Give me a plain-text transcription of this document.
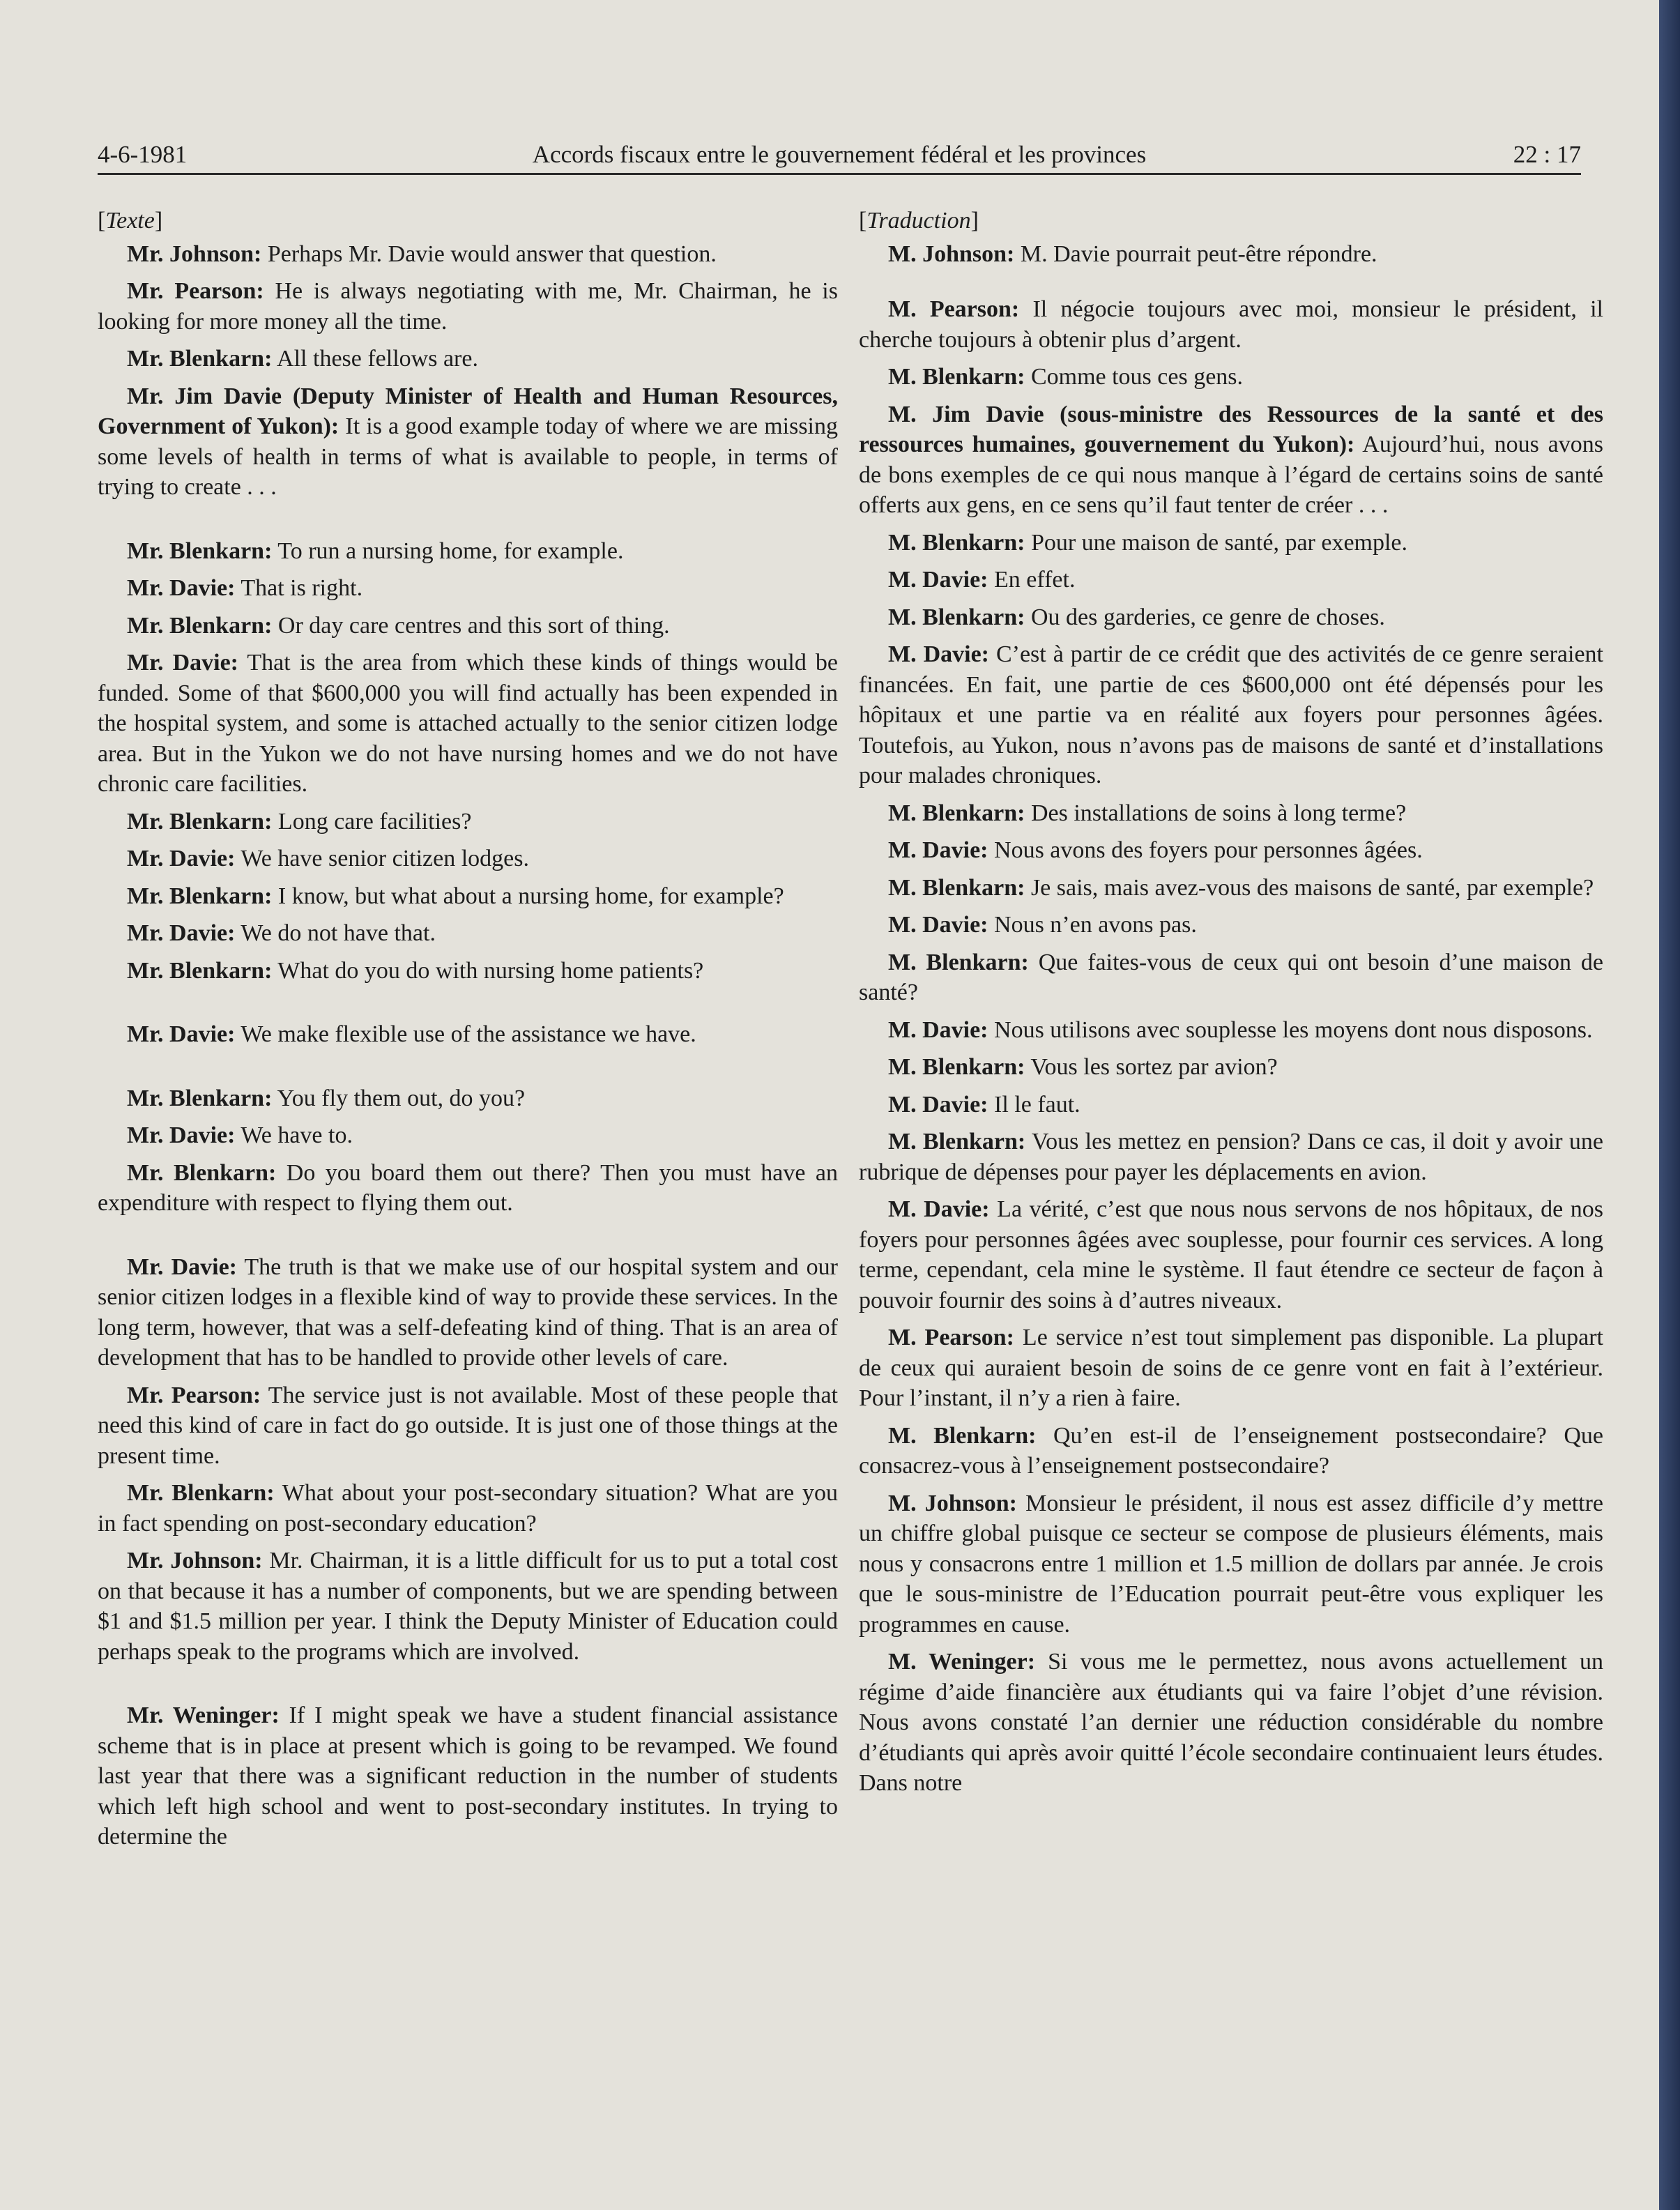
4-6-1981	Accords fiscaux entre le gouvernement fédéral et les provinces	22 : 17

[Texte]

Mr. Johnson: Perhaps Mr. Davie would answer that question.

Mr. Pearson: He is always negotiating with me, Mr. Chairman, he is looking for more money all the time.

Mr. Blenkarn: All these fellows are.

Mr. Jim Davie (Deputy Minister of Health and Human Resources, Government of Yukon): It is a good example today of where we are missing some levels of health in terms of what is available to people, in terms of trying to create . . .

Mr. Blenkarn: To run a nursing home, for example.

Mr. Davie: That is right.

Mr. Blenkarn: Or day care centres and this sort of thing.

Mr. Davie: That is the area from which these kinds of things would be funded. Some of that $600,000 you will find actually has been expended in the hospital system, and some is attached actually to the senior citizen lodge area. But in the Yukon we do not have nursing homes and we do not have chronic care facilities.

Mr. Blenkarn: Long care facilities?

Mr. Davie: We have senior citizen lodges.

Mr. Blenkarn: I know, but what about a nursing home, for example?

Mr. Davie: We do not have that.

Mr. Blenkarn: What do you do with nursing home patients?

Mr. Davie: We make flexible use of the assistance we have.

Mr. Blenkarn: You fly them out, do you?

Mr. Davie: We have to.

Mr. Blenkarn: Do you board them out there? Then you must have an expenditure with respect to flying them out.

Mr. Davie: The truth is that we make use of our hospital system and our senior citizen lodges in a flexible kind of way to provide these services. In the long term, however, that was a self-defeating kind of thing. That is an area of development that has to be handled to provide other levels of care.

Mr. Pearson: The service just is not available. Most of these people that need this kind of care in fact do go outside. It is just one of those things at the present time.

Mr. Blenkarn: What about your post-secondary situation? What are you in fact spending on post-secondary education?

Mr. Johnson: Mr. Chairman, it is a little difficult for us to put a total cost on that because it has a number of components, but we are spending between $1 and $1.5 million per year. I think the Deputy Minister of Education could perhaps speak to the programs which are involved.

Mr. Weninger: If I might speak we have a student financial assistance scheme that is in place at present which is going to be revamped. We found last year that there was a significant reduction in the number of students which left high school and went to post-secondary institutes. In trying to determine the

[Traduction]

M. Johnson: M. Davie pourrait peut-être répondre.

M. Pearson: Il négocie toujours avec moi, monsieur le président, il cherche toujours à obtenir plus d’argent.

M. Blenkarn: Comme tous ces gens.

M. Jim Davie (sous-ministre des Ressources de la santé et des ressources humaines, gouvernement du Yukon): Aujourd’hui, nous avons de bons exemples de ce qui nous manque à l’égard de certains soins de santé offerts aux gens, en ce sens qu’il faut tenter de créer . . .

M. Blenkarn: Pour une maison de santé, par exemple.

M. Davie: En effet.

M. Blenkarn: Ou des garderies, ce genre de choses.

M. Davie: C’est à partir de ce crédit que des activités de ce genre seraient financées. En fait, une partie de ces $600,000 ont été dépensés pour les hôpitaux et une partie va en réalité aux foyers pour personnes âgées. Toutefois, au Yukon, nous n’avons pas de maisons de santé et d’installations pour malades chroniques.

M. Blenkarn: Des installations de soins à long terme?

M. Davie: Nous avons des foyers pour personnes âgées.

M. Blenkarn: Je sais, mais avez-vous des maisons de santé, par exemple?

M. Davie: Nous n’en avons pas.

M. Blenkarn: Que faites-vous de ceux qui ont besoin d’une maison de santé?

M. Davie: Nous utilisons avec souplesse les moyens dont nous disposons.

M. Blenkarn: Vous les sortez par avion?

M. Davie: Il le faut.

M. Blenkarn: Vous les mettez en pension? Dans ce cas, il doit y avoir une rubrique de dépenses pour payer les déplacements en avion.

M. Davie: La vérité, c’est que nous nous servons de nos hôpitaux, de nos foyers pour personnes âgées avec souplesse, pour fournir ces services. A long terme, cependant, cela mine le système. Il faut étendre ce secteur de façon à pouvoir fournir des soins à d’autres niveaux.

M. Pearson: Le service n’est tout simplement pas disponible. La plupart de ceux qui auraient besoin de soins de ce genre vont en fait à l’extérieur. Pour l’instant, il n’y a rien à faire.

M. Blenkarn: Qu’en est-il de l’enseignement postsecondaire? Que consacrez-vous à l’enseignement postsecondaire?

M. Johnson: Monsieur le président, il nous est assez difficile d’y mettre un chiffre global puisque ce secteur se compose de plusieurs éléments, mais nous y consacrons entre 1 million et 1.5 million de dollars par année. Je crois que le sous-ministre de l’Education pourrait peut-être vous expliquer les programmes en cause.

M. Weninger: Si vous me le permettez, nous avons actuellement un régime d’aide financière aux étudiants qui va faire l’objet d’une révision. Nous avons constaté l’an dernier une réduction considérable du nombre d’étudiants qui après avoir quitté l’école secondaire continuaient leurs études. Dans notre
